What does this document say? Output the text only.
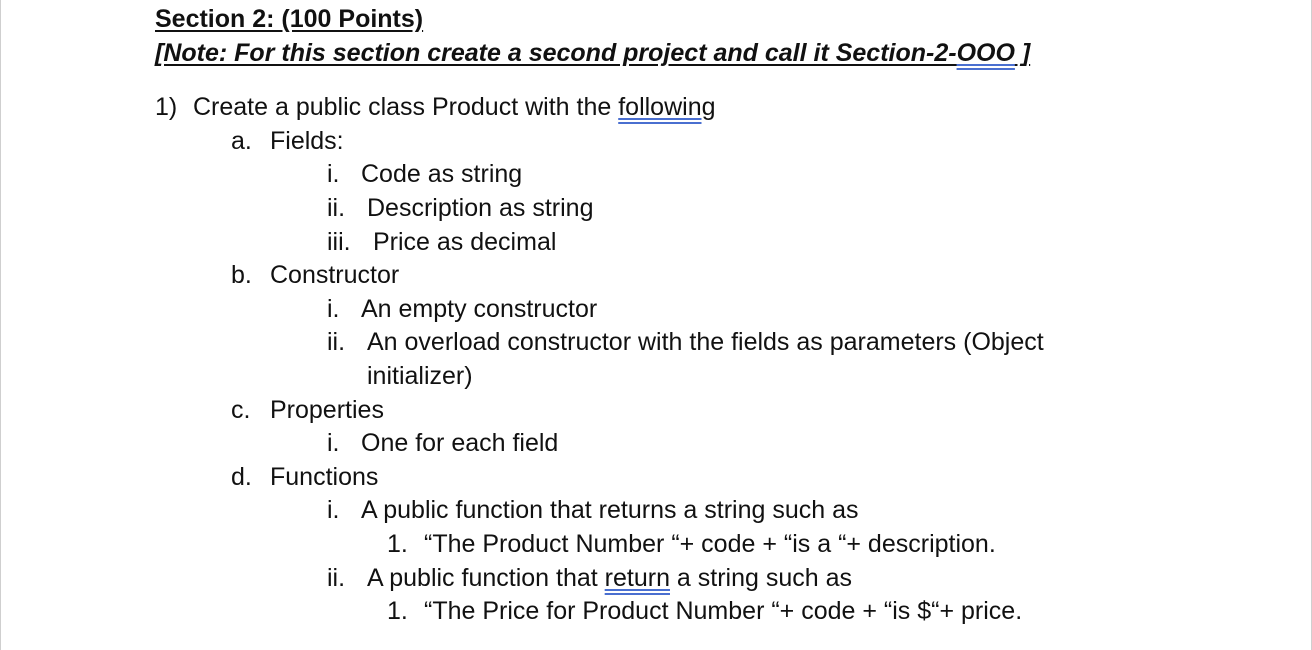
Section 2: (100 Points)
[Note: For this section create a second project and call it Section-2-OOO ]
1) Create a public class Product with the following
a. Fields:
i. Code as string
ii. Description as string
iii. Price as decimal
b. Constructor
i. An empty constructor
ii. An overload constructor with the fields as parameters (Object
initializer)
c. Properties
i. One for each field
d. Functions
i. A public function that returns a string such as
1. “The Product Number “+ code + “is a “+ description.
ii. A public function that return a string such as
1. “The Price for Product Number “+ code + “is $“+ price.
